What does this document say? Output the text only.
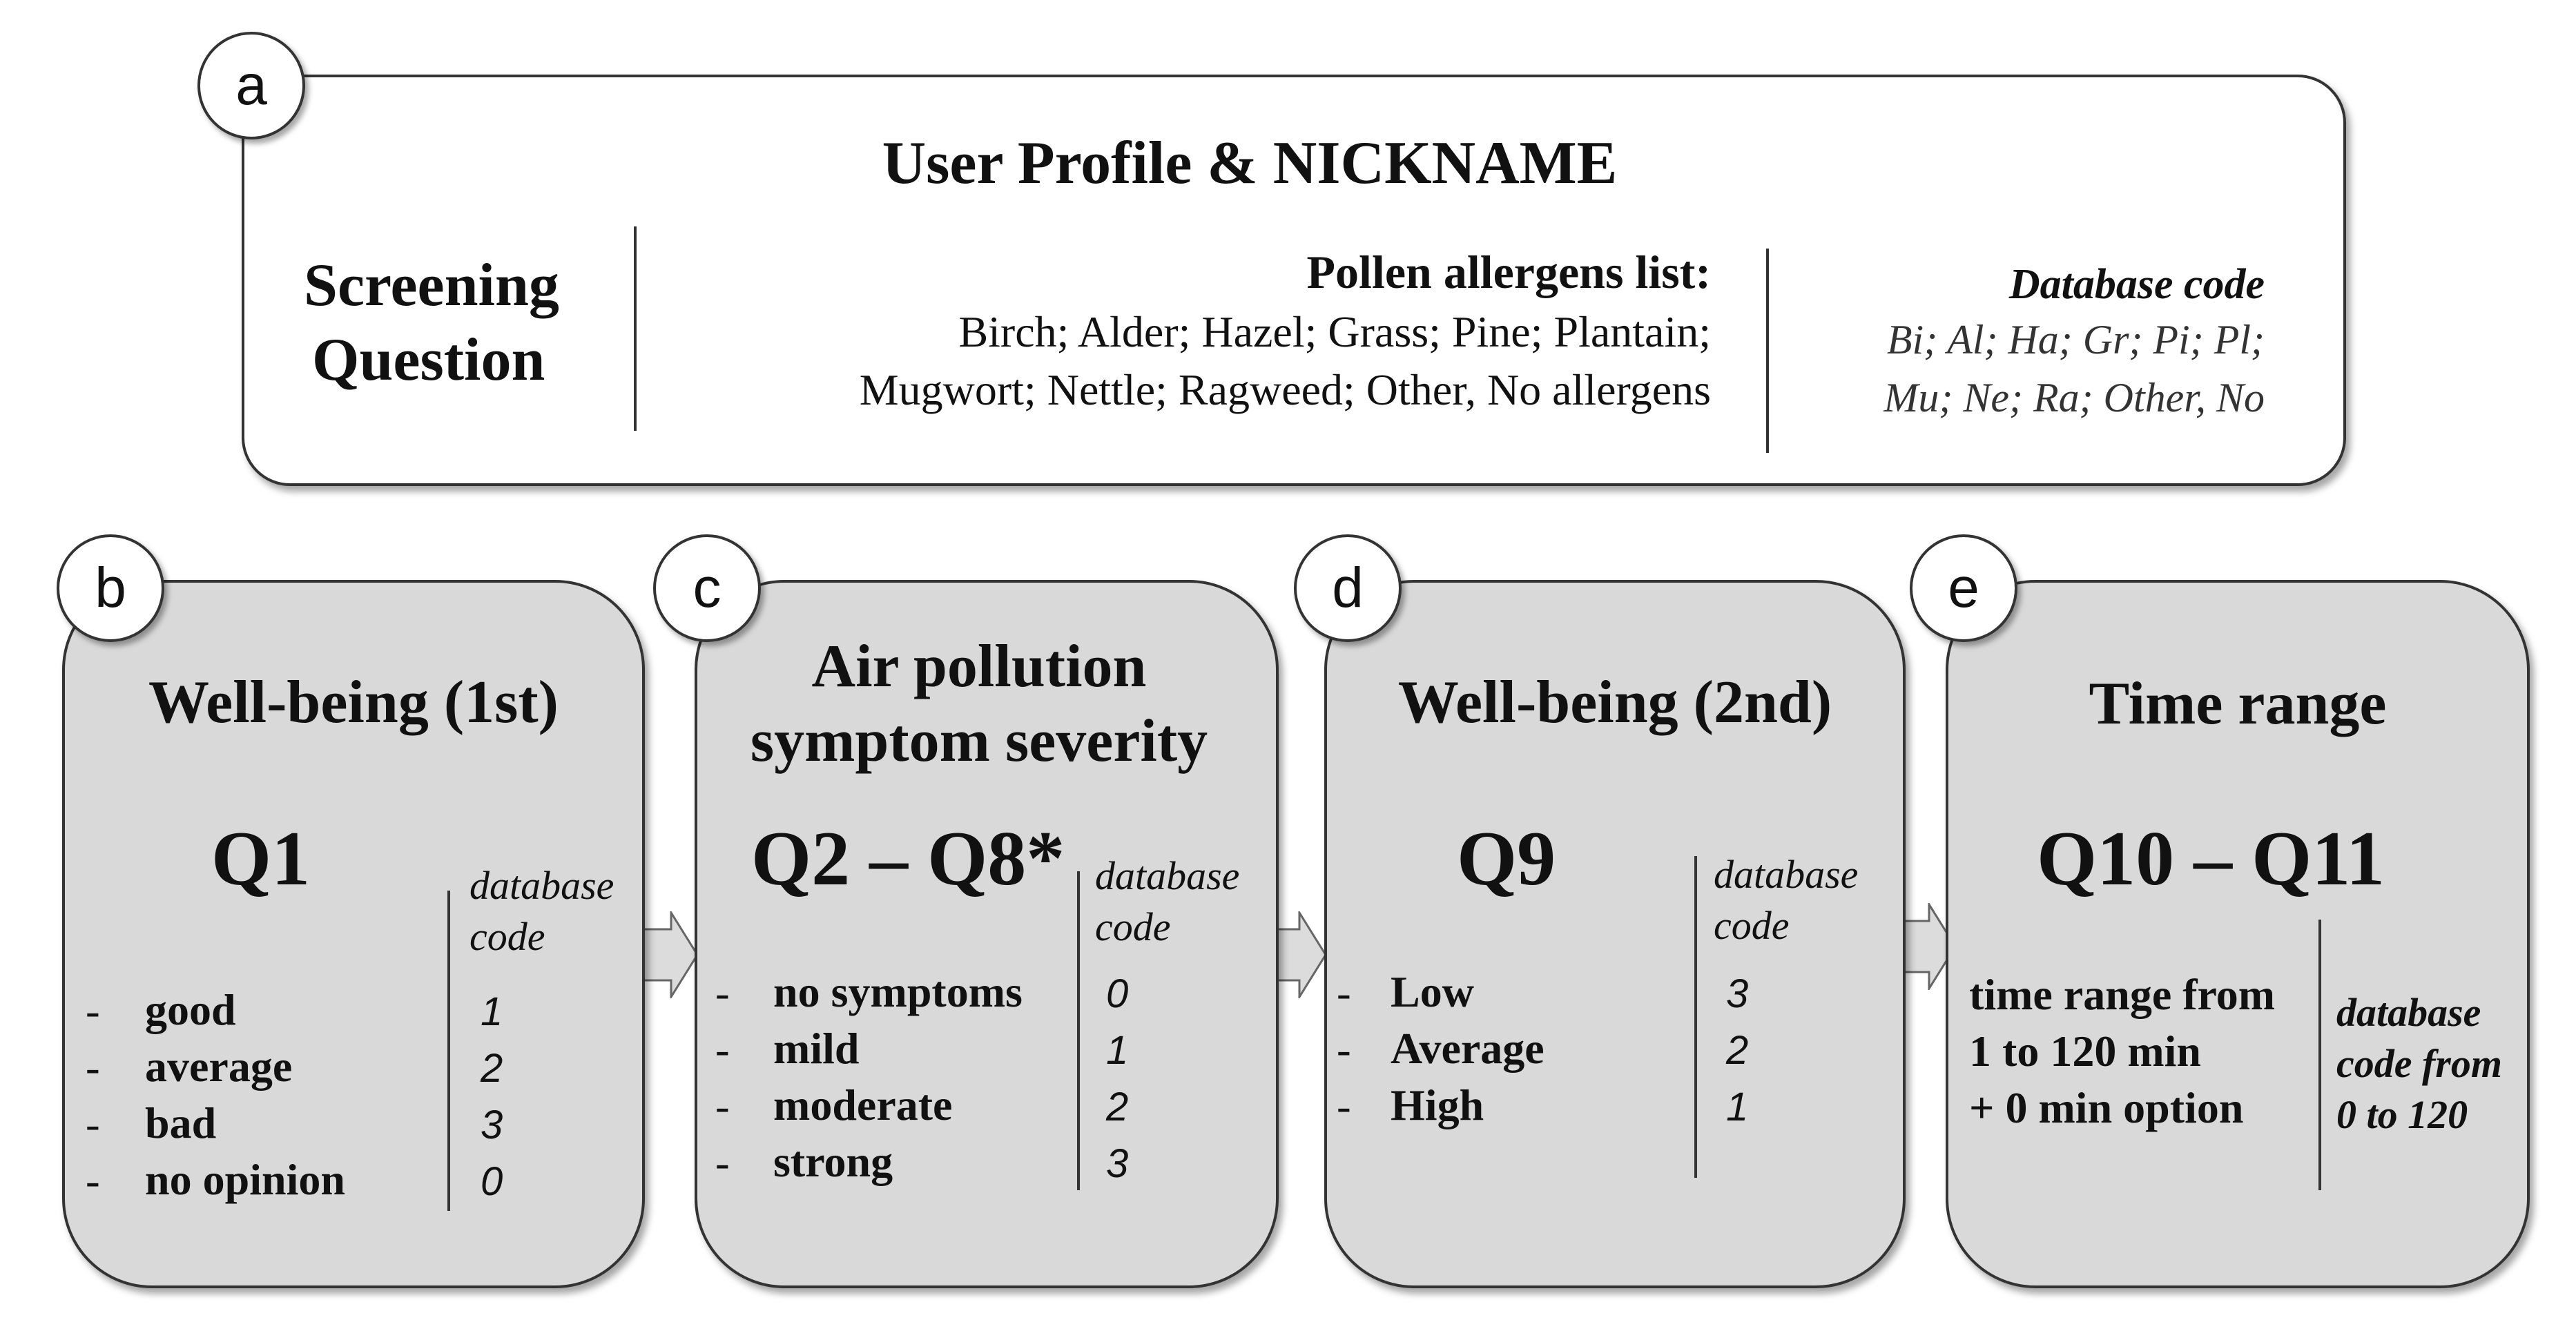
a
User Profile & NICKNAME
Screening
Question
Pollen allergens list:
Birch; Alder; Hazel; Grass; Pine; Plantain;
Mugwort; Nettle; Ragweed; Other, No allergens
Database code
Bi; Al; Ha; Gr; Pi; Pl;
Mu; Ne; Ra; Other, No
b
Well-being (1st)
Q1	database
code
- good	1
- average	2
- bad	3
- no opinion	0
c
Air pollution
symptom severity
Q2 – Q8* database
code
- no symptoms 0
- mild	1
- moderate	2
- strong	3
d
Well-being (2nd)
Q9	database
code
- Low	3
- Average	2
- High	1
e
Time range
Q10 – Q11
time range from
1 to 120 min
+ 0 min option
database
code from
0 to 120
